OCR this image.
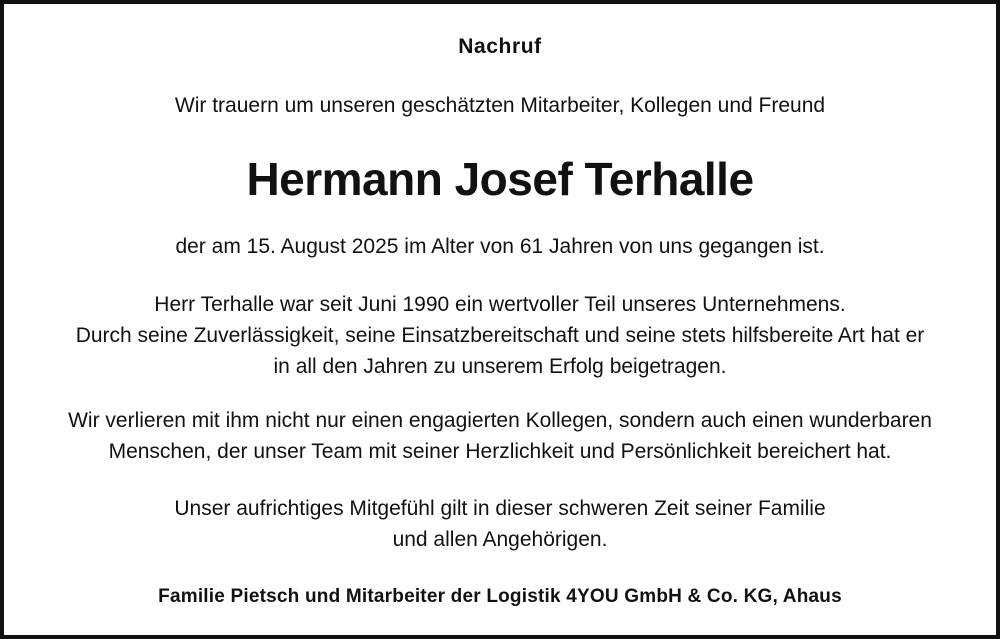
Nachruf
Wir trauern um unseren geschätzten Mitarbeiter, Kollegen und Freund
Hermann Josef Terhalle
der am 15. August 2025 im Alter von 61 Jahren von uns gegangen ist.
Herr Terhalle war seit Juni 1990 ein wertvoller Teil unseres Unternehmens.
Durch seine Zuverlässigkeit, seine Einsatzbereitschaft und seine stets hilfsbereite Art hat er
in all den Jahren zu unserem Erfolg beigetragen.
Wir verlieren mit ihm nicht nur einen engagierten Kollegen, sondern auch einen wunderbaren
Menschen, der unser Team mit seiner Herzlichkeit und Persönlichkeit bereichert hat.
Unser aufrichtiges Mitgefühl gilt in dieser schweren Zeit seiner Familie
und allen Angehörigen.
Familie Pietsch und Mitarbeiter der Logistik 4YOU GmbH & Co. KG, Ahaus
